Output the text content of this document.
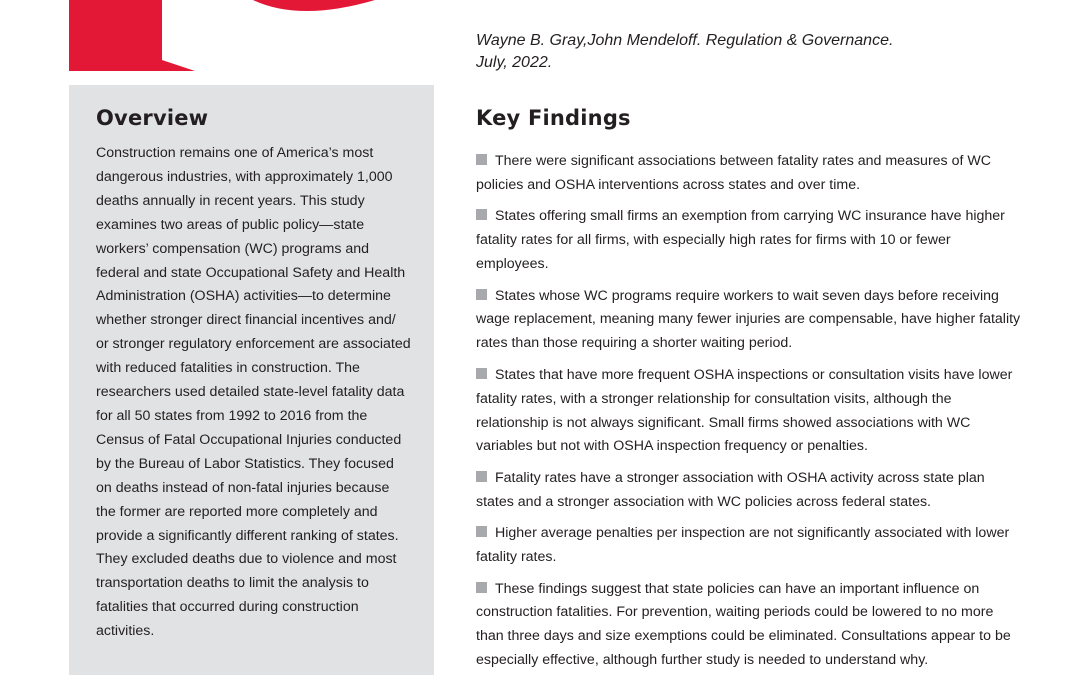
Wayne B. Gray,John Mendeloff. Regulation & Governance.
July, 2022.
Overview

Construction remains one of America’s most dangerous industries, with approximately 1,000 deaths annually in recent years. This study examines two areas of public policy—state workers’ compensation (WC) programs and federal and state Occupational Safety and Health Administration (OSHA) activities—to determine whether stronger direct financial incentives and/ or stronger regulatory enforcement are associated with reduced fatalities in construction. The researchers used detailed state-level fatality data for all 50 states from 1992 to 2016 from the Census of Fatal Occupational Injuries conducted by the Bureau of Labor Statistics. They focused on deaths instead of non-fatal injuries because the former are reported more completely and provide a significantly different ranking of states. They excluded deaths due to violence and most transportation deaths to limit the analysis to fatalities that occurred during construction activities.

Key Findings
There were significant associations between fatality rates and measures of WC policies and OSHA interventions across states and over time.
States offering small firms an exemption from carrying WC insurance have higher fatality rates for all firms, with especially high rates for firms with 10 or fewer employees.
States whose WC programs require workers to wait seven days before receiving wage replacement, meaning many fewer injuries are compensable, have higher fatality rates than those requiring a shorter waiting period.
States that have more frequent OSHA inspections or consultation visits have lower fatality rates, with a stronger relationship for consultation visits, although the relationship is not always significant. Small firms showed associations with WC variables but not with OSHA inspection frequency or penalties.
Fatality rates have a stronger association with OSHA activity across state plan states and a stronger association with WC policies across federal states.
Higher average penalties per inspection are not significantly associated with lower fatality rates.
These findings suggest that state policies can have an important influence on construction fatalities. For prevention, waiting periods could be lowered to no more than three days and size exemptions could be eliminated. Consultations appear to be especially effective, although further study is needed to understand why.
